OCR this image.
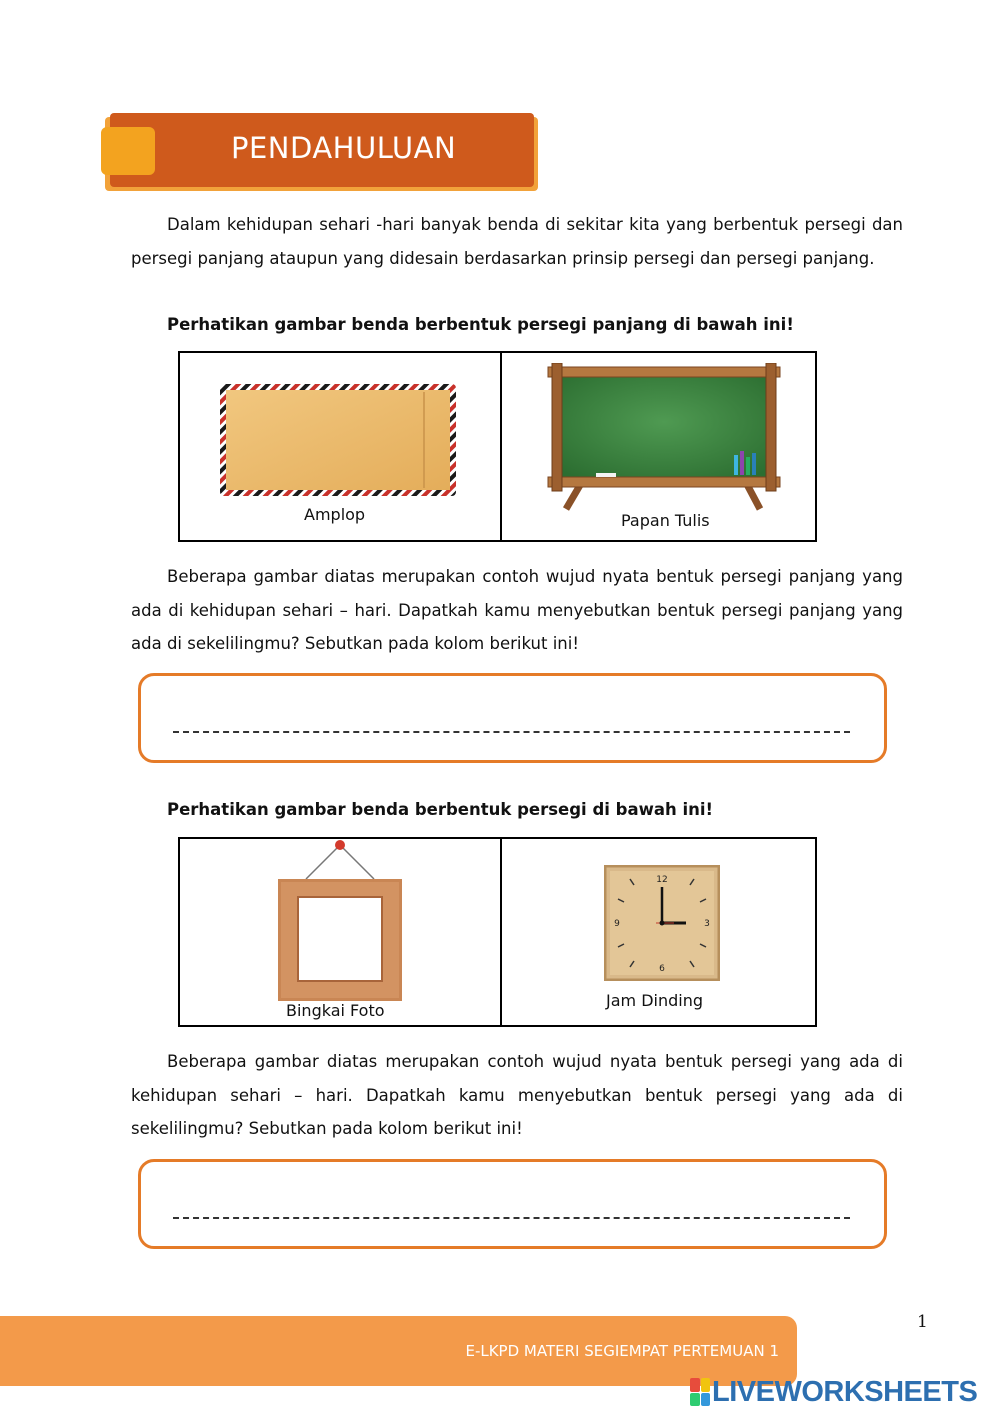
PENDAHULUAN

Dalam kehidupan sehari -hari banyak benda di sekitar kita yang berbentuk persegi dan persegi panjang ataupun yang didesain berdasarkan prinsip persegi dan persegi panjang.

Perhatikan gambar benda berbentuk persegi panjang di bawah ini!

Amplop	Papan Tulis

Beberapa gambar diatas merupakan contoh wujud nyata bentuk persegi panjang yang ada di kehidupan sehari – hari. Dapatkah kamu menyebutkan bentuk persegi panjang yang ada di sekelilingmu? Sebutkan pada kolom berikut ini!

Perhatikan gambar benda berbentuk persegi di bawah ini!

Bingkai Foto
12
3
6
9
Jam Dinding

Beberapa gambar diatas merupakan contoh wujud nyata bentuk persegi yang ada di kehidupan sehari – hari. Dapatkah kamu menyebutkan bentuk persegi yang ada di sekelilingmu? Sebutkan pada kolom berikut ini!

1
E-LKPD MATERI SEGIEMPAT PERTEMUAN 1
LIVEWORKSHEETS
